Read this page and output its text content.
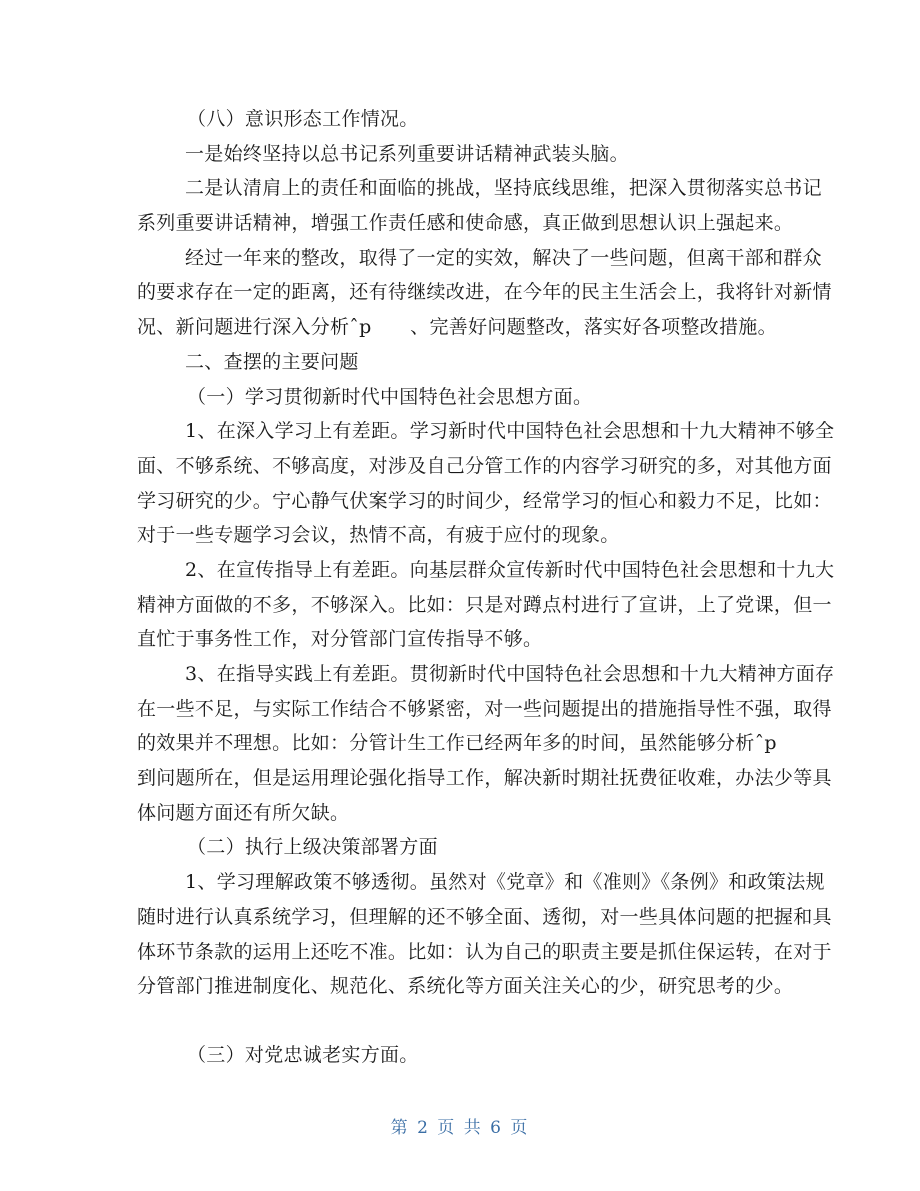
（八）意识形态工作情况。
一是始终坚持以总书记系列重要讲话精神武装头脑。
二是认清肩上的责任和面临的挑战，坚持底线思维，把深入贯彻落实总书记
系列重要讲话精神，增强工作责任感和使命感，真正做到思想认识上强起来。
经过一年来的整改，取得了一定的实效，解决了一些问题，但离干部和群众
的要求存在一定的距离，还有待继续改进，在今年的民主生活会上，我将针对新情
况、新问题进行深入分析ˆp　　、完善好问题整改，落实好各项整改措施。
二、查摆的主要问题
（一）学习贯彻新时代中国特色社会思想方面。
1、在深入学习上有差距。学习新时代中国特色社会思想和十九大精神不够全
面、不够系统、不够高度，对涉及自己分管工作的内容学习研究的多，对其他方面
学习研究的少。宁心静气伏案学习的时间少，经常学习的恒心和毅力不足，比如：
对于一些专题学习会议，热情不高，有疲于应付的现象。
2、在宣传指导上有差距。向基层群众宣传新时代中国特色社会思想和十九大
精神方面做的不多，不够深入。比如：只是对蹲点村进行了宣讲，上了党课，但一
直忙于事务性工作，对分管部门宣传指导不够。
3、在指导实践上有差距。贯彻新时代中国特色社会思想和十九大精神方面存
在一些不足，与实际工作结合不够紧密，对一些问题提出的措施指导性不强，取得
的效果并不理想。比如：分管计生工作已经两年多的时间，虽然能够分析ˆp
到问题所在，但是运用理论强化指导工作，解决新时期社抚费征收难，办法少等具
体问题方面还有所欠缺。
（二）执行上级决策部署方面
1、学习理解政策不够透彻。虽然对《党章》和《准则》《条例》和政策法规
随时进行认真系统学习，但理解的还不够全面、透彻，对一些具体问题的把握和具
体环节条款的运用上还吃不准。比如：认为自己的职责主要是抓住保运转，在对于
分管部门推进制度化、规范化、系统化等方面关注关心的少，研究思考的少。
（三）对党忠诚老实方面。
第 2 页 共 6 页
